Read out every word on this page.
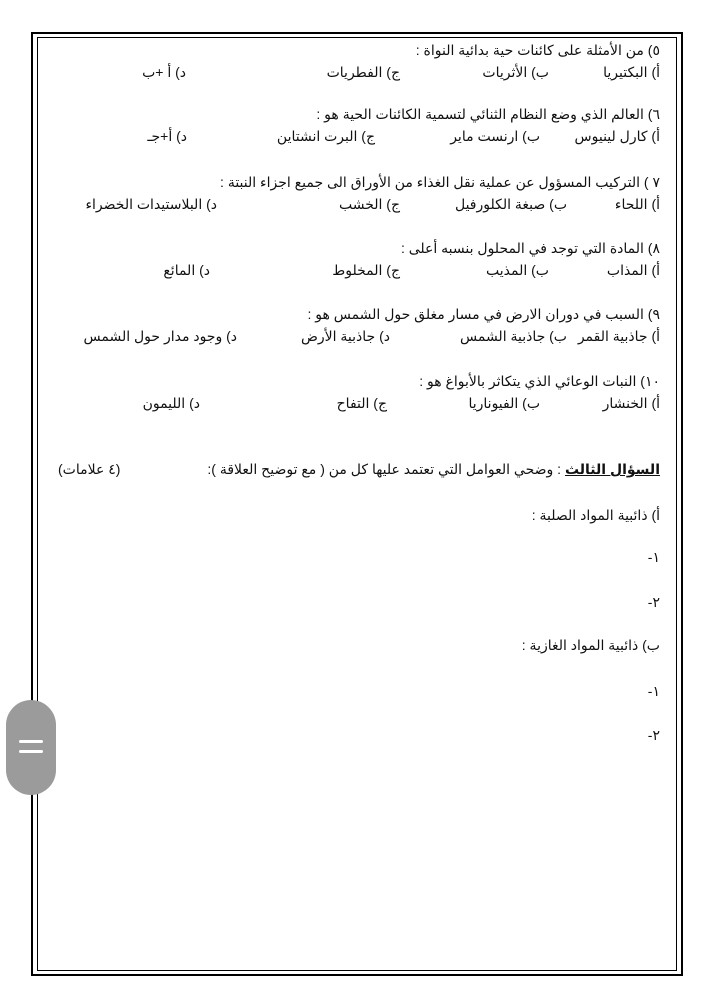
٥) من الأمثلة على كائنات حية بدائية النواة :
أ) البكتيريا
ب) الأثريات
ج) الفطريات
د) أ +ب
٦) العالم الذي وضع النظام الثنائي لتسمية الكائنات الحية هو :
أ) كارل لينيوس
ب) ارنست ماير
ج) البرت انشتاين
د) أ+جـ
٧ ) التركيب المسؤول عن عملية نقل الغذاء من الأوراق الى جميع اجزاء النبتة :
أ) اللحاء
ب) صبغة الكلورفيل
ج) الخشب
د) البلاستيدات الخضراء
٨) المادة التي توجد في المحلول بنسبه أعلى :
أ) المذاب
ب) المذيب
ج) المخلوط
د) المائع
٩) السبب في دوران الارض في مسار مغلق حول الشمس هو :
أ) جاذبية القمر
ب) جاذبية الشمس
د) جاذبية الأرض
د) وجود مدار حول الشمس
١٠) النبات الوعائي الذي يتكاثر بالأبواغ هو :
أ) الخنشار
ب) الفيوناريا
ج) التفاح
د) الليمون
السؤال الثالث : وضحي العوامل التي تعتمد عليها كل من ( مع توضيح العلاقة ):
(٤ علامات)
أ) ذائبية المواد الصلبة :
١-
٢-
ب) ذائبية المواد الغازية :
١-
٢-
